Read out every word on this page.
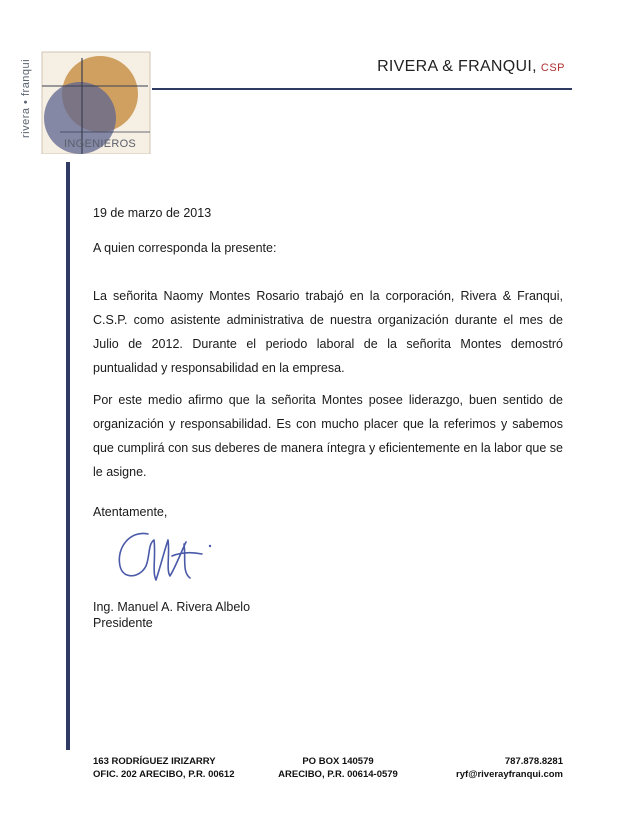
rivera • franqui
INGENIEROS
RIVERA & FRANQUI, CSP
19 de marzo de 2013
A quien corresponda la presente:
La señorita Naomy Montes Rosario trabajó en la corporación, Rivera & Franqui, C.S.P. como asistente administrativa de nuestra organización durante el mes de Julio de 2012. Durante el periodo laboral de la señorita Montes demostró puntualidad y responsabilidad en la empresa.
Por este medio afirmo que la señorita Montes posee liderazgo, buen sentido de organización y responsabilidad. Es con mucho placer que la referimos y sabemos que cumplirá con sus deberes de manera íntegra y eficientemente en la labor que se le asigne.
Atentamente,
Ing. Manuel A. Rivera Albelo
Presidente
163 RODRÍGUEZ IRIZARRY
OFIC. 202 ARECIBO, P.R. 00612
PO BOX 140579
ARECIBO, P.R. 00614-0579
787.878.8281
ryf@riverayfranqui.com
